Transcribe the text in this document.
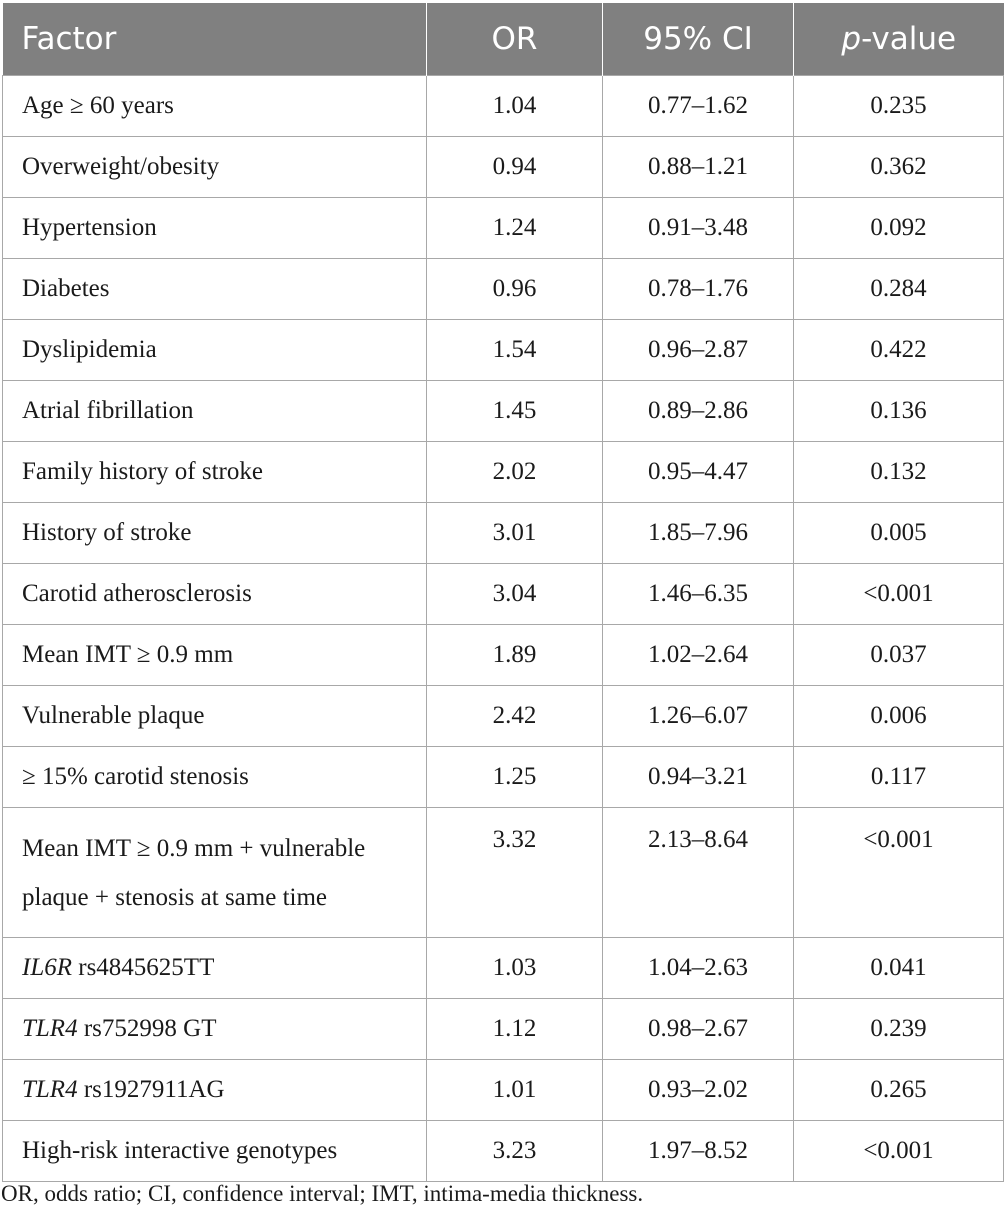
Factor	OR	95% CI	p-value
Age ≥ 60 years	1.04	0.77–1.62	0.235
Overweight/obesity	0.94	0.88–1.21	0.362
Hypertension	1.24	0.91–3.48	0.092
Diabetes	0.96	0.78–1.76	0.284
Dyslipidemia	1.54	0.96–2.87	0.422
Atrial fibrillation	1.45	0.89–2.86	0.136
Family history of stroke	2.02	0.95–4.47	0.132
History of stroke	3.01	1.85–7.96	0.005
Carotid atherosclerosis	3.04	1.46–6.35	<0.001
Mean IMT ≥ 0.9 mm	1.89	1.02–2.64	0.037
Vulnerable plaque	2.42	1.26–6.07	0.006
≥ 15% carotid stenosis	1.25	0.94–3.21	0.117
Mean IMT ≥ 0.9 mm + vulnerable
plaque + stenosis at same time	3.32	2.13–8.64	<0.001
IL6R rs4845625TT	1.03	1.04–2.63	0.041
TLR4 rs752998 GT	1.12	0.98–2.67	0.239
TLR4 rs1927911AG	1.01	0.93–2.02	0.265
High-risk interactive genotypes	3.23	1.97–8.52	<0.001
OR, odds ratio; CI, confidence interval; IMT, intima-media thickness.
